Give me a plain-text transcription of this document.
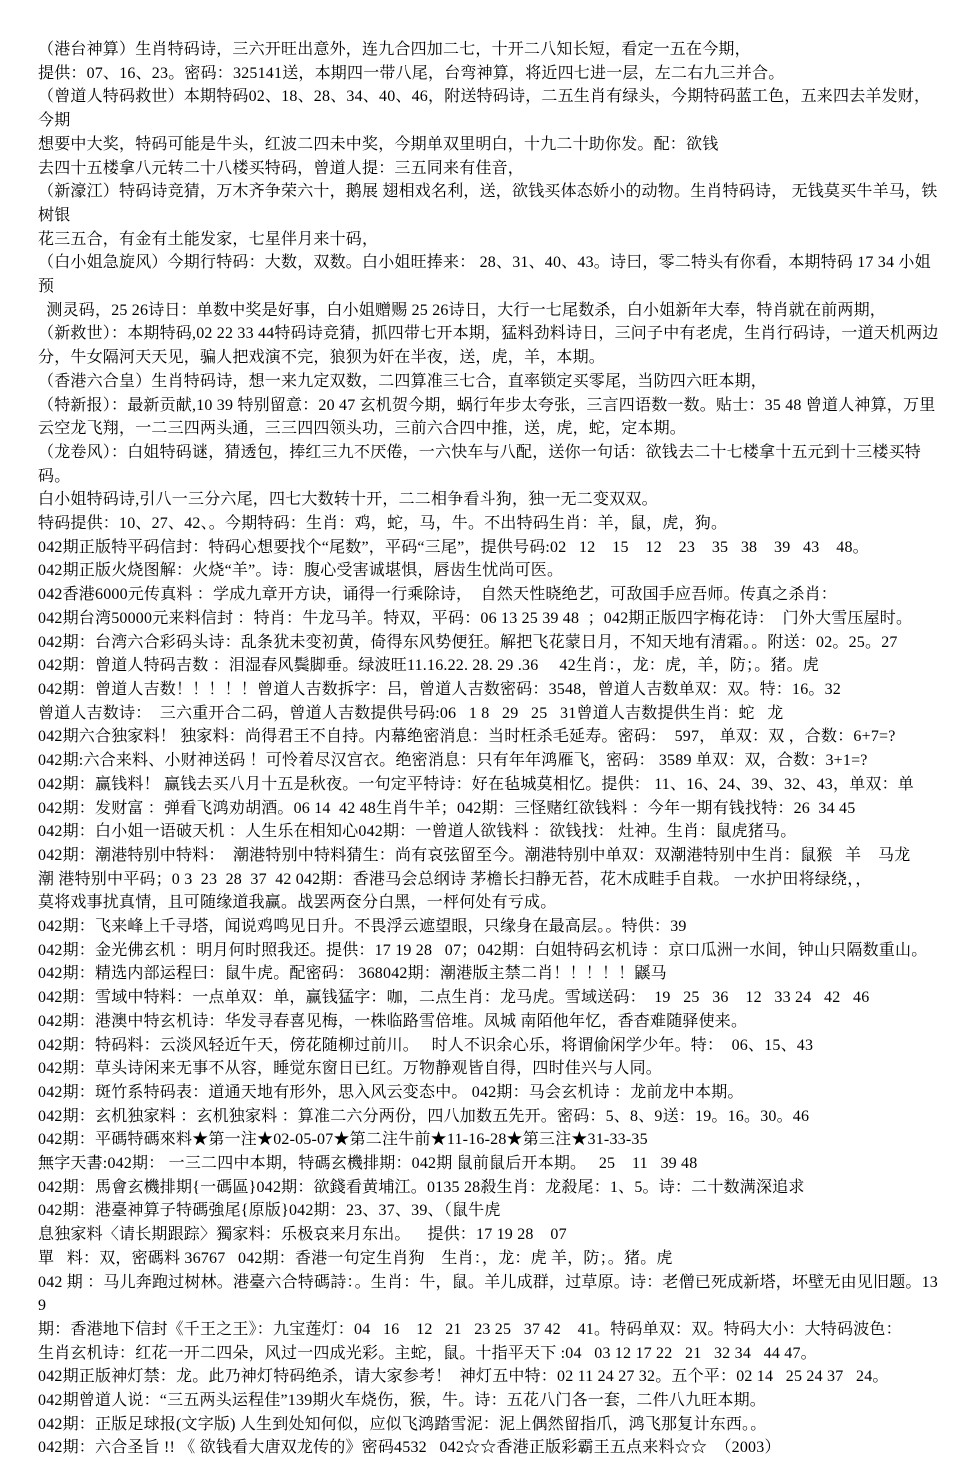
（港台神算）生肖特码诗，三六开旺出意外，连九合四加二七，十开二八知长短，看定一五在今期，
提供：07、16、23。密码：325141送，本期四一带八尾，台弯神算，将近四七进一层，左二右九三并合。
（曾道人特码救世）本期特码02、18、28、34、40、46，附送特码诗，二五生肖有绿头，今期特码蓝工色，五来四去羊发财，今期
想要中大奖，特码可能是牛头，红波二四未中奖，今期单双里明白，十九二十助你发。配：欲钱
去四十五楼拿八元转二十八楼买特码，曾道人提：三五同来有佳音，
（新濠江）特码诗竞猜，万木齐争荣六十，鹅展 翅相戏名利，送，欲钱买体态娇小的动物。生肖特码诗， 无钱莫买牛羊马，铁树银
花三五合，有金有土能发家，七星伴月来十码，
（白小姐急旋风）今期行特码：大数，双数。白小姐旺捧来： 28、31、40、43。诗曰，零二特头有你看，本期特码 17 34 小姐预
测灵码，25 26诗日：单数中奖是好事，白小姐赠赐 25 26诗日，大行一七尾数杀，白小姐新年大奉，特肖就在前两期，
（新救世）：本期特码,02 22 33 44特码诗竞猜，抓四带七开本期，猛料劲料诗日，三问子中有老虎，生肖行码诗，一道天机两边
分，牛女隔河天天见，骗人把戏演不完，狼狈为奸在半夜，送，虎，羊，本期。
（香港六合皇）生肖特码诗，想一来九定双数，二四算准三七合，直率锁定买零尾，当防四六旺本期，
（特新报）：最新贡献,10 39 特别留意：20 47 玄机贺今期，蜗行年步太夸张，三言四语数一数。贴士：35 48 曾道人神算，万里
云空龙飞翔，一二三四两头通，三三四四领头功，三前六合四中推，送，虎，蛇，定本期。
（龙卷风）：白姐特码谜，猜透包，捧红三九不厌倦，一六快车与八配，送你一句话：欲钱去二十七楼拿十五元到十三楼买特码。
白小姐特码诗,引八一三分六尾，四七大数转十开，二二相争看斗狗，独一无二变双双。
特码提供：10、27、42、。今期特码：生肖：鸡，蛇，马，牛。不出特码生肖：羊，鼠，虎，狗。
042期正版特平码信封：特码心想要找个“尾数”，平码“三尾”，提供号码:02   12    15    12    23    35   38    39   43    48。
042期正版火烧图解：火烧“羊”。诗：腹心受害诚堪惧，唇齿生忧尚可医。
042香港6000元传真料 ：学成九章开方诀，诵得一行乘除诗，  自然天性晓绝艺，可敌国手应吾师。传真之杀肖：
042期台湾50000元来料信封 ：特肖：牛龙马羊。特双，平码：06 13 25 39 48  ；042期正版四字梅花诗：  门外大雪压屋时。
042期：台湾六合彩码头诗：乱条犹未变初黄，倚得东风势便狂。解把飞花蒙日月，不知天地有清霜。。附送：02。25。27
042期：曾道人特码吉数 ：泪湿春风鬓脚垂。绿波旺11.16.22. 28. 29 .36     42生肖：，龙：虎，羊，防；。猪。虎
042期：曾道人吉数！！！！！曾道人吉数拆字：吕，曾道人吉数密码：3548，曾道人吉数单双：双。特：16。32
曾道人吉数诗：  三六重开合二码，曾道人吉数提供号码:06   1 8   29   25   31曾道人吉数提供生肖：蛇   龙
042期六合独家料！ 独家料：尚得君王不自持。内幕绝密消息：当时枉杀毛延寿。密码：  597， 单双：双 ，合数：6+7=?
042期:六合来料、小财神送码 ！可怜着尽汉宫衣。绝密消息：只有年年鸿雁飞，密码： 3589 单双：双，合数：3+1=?
042期：赢钱料！ 赢钱去买八月十五是秋夜。一句定平特诗：好在毡城莫相忆。提供： 11、16、24、39、32、43，单双：单
042期：发财富 ：弹看飞鸿劝胡酒。06 14  42 48生肖牛羊；042期：三怪赌红欲钱料 ：今年一期有钱找特：26  34 45
042期：白小姐一语破天机 ：人生乐在相知心042期：一曾道人欲钱料 ：欲钱找： 灶神。生肖：鼠虎猪马。
042期：潮港特别中特料：  潮港特别中特料猜生：尚有哀弦留至今。潮港特别中单双：双潮港特别中生肖：鼠猴   羊    马龙
潮 港特别中平码；0 3  23  28  37  42 042期：香港马会总纲诗 茅檐长扫静无苔，花木成畦手自栽。 一水护田将绿绕，，
莫将戏事扰真情，且可随缘道我赢。战罢两奁分白黑，一枰何处有亏成。
042期：飞来峰上千寻塔，闻说鸡鸣见日升。不畏浮云遮望眼，只缘身在最高层。。特供：39
042期：金光佛玄机 ：明月何时照我还。提供：17 19 28   07；042期：白姐特码玄机诗 ：京口瓜洲一水间，钟山只隔数重山。
042期：精选内部运程曰：鼠牛虎。配密码： 368042期：潮港版主禁二肖！！！！！鼷马
042期：雪域中特料：一点单双：单，赢钱猛字：咖，二点生肖：龙马虎。雪域送码：  19   25   36    12   33 24   42   46
042期：港澳中特玄机诗：华发寻春喜见梅，一株临路雪倍堆。凤城 南陌他年忆，香杳难随驿使来。
042期：特码料：云淡风轻近午天，傍花随柳过前川。   时人不识余心乐，将谓偷闲学少年。特：  06、15、43
042期：草头诗闲来无事不从容，睡觉东窗日已红。万物静观皆自得，四时佳兴与人同。
042期：斑竹系特码表：道通天地有形外，思入风云变态中。 042期：马会玄机诗 ：龙前龙中本期。
042期：玄机独家料 ：玄机独家料 ：算准二六分两份，四八加数五先开。密码：5、8、9送：19。16。30。46
042期：平碼特碼來料★第一注★02-05-07★第二注牛前★11-16-28★第三注★31-33-35
無字天書:042期： 一三二四中本期，特碼玄機排期：042期 鼠前鼠后开本期。   25    11   39 48
042期：馬會玄機排期{一碼區}042期：欲錢看黄埔江。0135 28殺生肖：龙殺尾：1、5。诗：二十数满深追求
042期：港臺神算子特碼強尾{原版}042期：23、37、39、（鼠牛虎
息独家料〈请长期跟踪〉獨家料：乐极哀来月东出。    提供：17 19 28    07
單   料：双，密碼料 36767   042期：香港一句定生肖狗    生肖：，龙：虎 羊，防；。猪。虎
042 期 ：马儿奔跑过树林。港臺六合特碼詩：。生肖：牛，鼠。羊儿成群，过草原。诗：老僧已死成新塔，坏壁无由见旧题。139
期：香港地下信封《千王之王》：九宝莲灯：04   16    12   21   23 25   37 42    41。特码单双：双。特码大小：大特码波色：
生肖玄机诗：红花一开二四朵，风过一四成光彩。主蛇，鼠。十指平天下 :04   03 12 17 22   21   32 34   44 47。
042期正版神灯禁：龙。此乃神灯特码绝杀，请大家参考！  神灯五中特：02 11 24 27 32。五个平：02 14   25 24 37   24。
042期曾道人说：“三五两头运程佳”139期火车烧伤，猴，牛。诗：五花八门各一套，二件八九旺本期。
042期：正版足球报(文字版) 人生到处知何似，应似飞鸿踏雪泥：泥上偶然留指爪，鸿飞那复计东西。。
042期：六合圣旨 !! 《 欲钱看大唐双龙传的》密码4532   042☆☆香港正版彩霸王五点来料☆☆  （2003）
